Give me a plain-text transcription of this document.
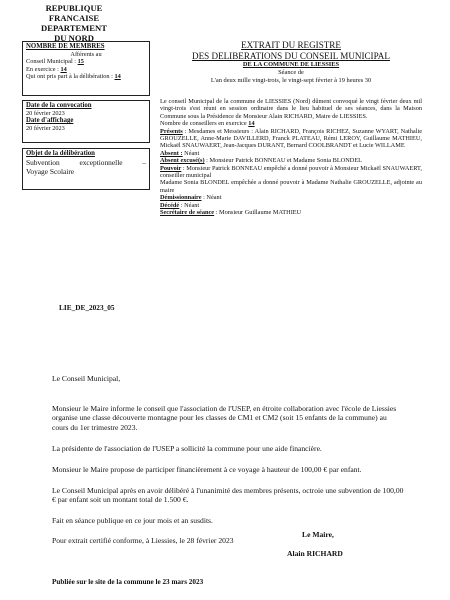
REPUBLIQUE FRANCAISE
DEPARTEMENT
DU NORD
NOMBRE DE MEMBRES
Afférents au
Conseil Municipal : 15
En exercice : 14
Qui ont pris part à la délibération : 14
Date de la convocation
20 février 2023
Date d'affichage
20 février 2023
Objet de la délibération
Subvention exceptionnelle –
Voyage Scolaire
LIE_DE_2023_05
EXTRAIT DU REGISTRE
DES DELIBERATIONS DU CONSEIL MUNICIPAL
DE LA COMMUNE DE LIESSIES
Séance de
L'an deux mille vingt-trois, le vingt-sept février à 19 heures 30

Le conseil Municipal de la commune de LIESSIES (Nord) dûment convoqué le vingt février deux mil vingt-trois s'est réuni en session ordinaire dans le lieu habituel de ses séances, dans la Maison Commune sous la Présidence de Monsieur Alain RICHARD, Maire de LIESSIES.

Nombre de conseillers en exercice 14

Présents : Mesdames et Messieurs : Alain RICHARD, François RICHEZ, Suzanne WYART, Nathalie GROUZELLE, Anne-Marie DAVILLERD, Franck PLATEAU, Rémi LEROY, Guillaume MATHIEU, Mickaël SNAUWAERT, Jean-Jacques DURANT, Bernard COOLBRANDT et Lucie WILLAME

Absent : Néant

Absent excusé(s) : Monsieur Patrick BONNEAU et Madame Sonia BLONDEL

Pouvoir : Monsieur Patrick BONNEAU empêché a donné pouvoir à Monsieur Mickaël SNAUWAERT, conseiller municipal

Madame Sonia BLONDEL empêchée a donné pouvoir à Madame Nathalie GROUZELLE, adjointe au maire

Démissionnaire : Néant

Décédé : Néant

Secrétaire de séance : Monsieur Guillaume MATHIEU

Le Conseil Municipal,

Monsieur le Maire informe le conseil que l'association de l'USEP, en étroite collaboration avec l'école de Liessies organise une classe découverte montagne pour les classes de CM1 et CM2 (soit 15 enfants de la commune) au cours du 1er trimestre 2023.

La présidente de l'association de l'USEP a sollicité la commune pour une aide financière.

Monsieur le Maire propose de participer financièrement à ce voyage à hauteur de 100,00 € par enfant.

Le Conseil Municipal après en avoir délibéré à l'unanimité des membres présents, octroie une subvention de 100,00 € par enfant soit un montant total de 1.500 €.

Fait en séance publique en ce jour mois et an susdits.

Pour extrait certifié conforme, à Liessies, le 28 février 2023

Le Maire,
Alain RICHARD
Publiée sur le site de la commune le 23 mars 2023
